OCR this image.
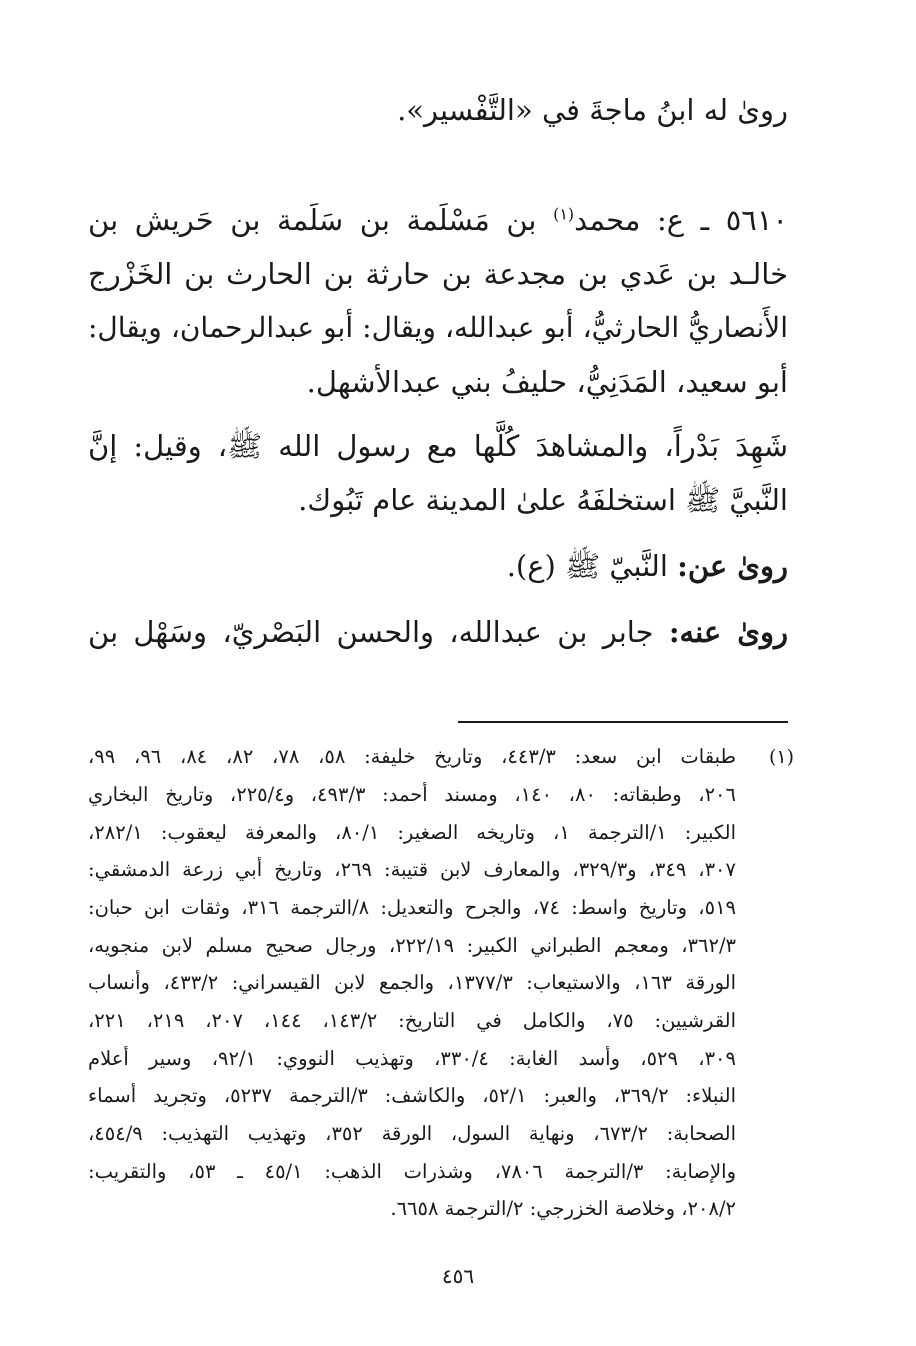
روىٰ له ابنُ ماجةَ في «التَّفْسير».
٥٦١٠ ـ ع: محمد$^{(١)}$ بن مَسْلَمة بن سَلَمة بن حَريش بن
خالـد بن عَدي بن مجدعة بن حارثة بن الحارث بن الخَزْرج
الأَنصاريُّ الحارثيُّ، أبو عبدالله، ويقال: أبو عبدالرحمان، ويقال:
أبو سعيد، المَدَنِيُّ، حليفُ بني عبدالأشهل.
شَهِدَ بَدْراً، والمشاهدَ كُلَّها مع رسول الله ﷺ، وقيل: إنَّ
النَّبيَّ ﷺ استخلفَهُ علىٰ المدينة عام تَبُوك.
روىٰ عن: النَّبيّ ﷺ (ع).
روىٰ عنه: جابر بن عبدالله، والحسن البَصْريّ، وسَهْل بن
(١)
طبقات ابن سعد: ٤٤٣/٣، وتاريخ خليفة: ٥٨، ٧٨، ٨٢، ٨٤، ٩٦، ٩٩،
٢٠٦، وطبقاته: ٨٠، ١٤٠، ومسند أحمد: ٤٩٣/٣، و٢٢٥/٤، وتاريخ البخاري
الكبير: ١/الترجمة ١، وتاريخه الصغير: ٨٠/١، والمعرفة ليعقوب: ٢٨٢/١،
٣٠٧، ٣٤٩، و٣٢٩/٣، والمعارف لابن قتيبة: ٢٦٩، وتاريخ أبي زرعة الدمشقي:
٥١٩، وتاريخ واسط: ٧٤، والجرح والتعديل: ٨/الترجمة ٣١٦، وثقات ابن حبان:
٣٦٢/٣، ومعجم الطبراني الكبير: ٢٢٢/١٩، ورجال صحيح مسلم لابن منجويه،
الورقة ١٦٣، والاستيعاب: ١٣٧٧/٣، والجمع لابن القيسراني: ٤٣٣/٢، وأنساب
القرشيين: ٧٥، والكامل في التاريخ: ١٤٣/٢، ١٤٤، ٢٠٧، ٢١٩، ٢٢١،
٣٠٩، ٥٢٩، وأسد الغابة: ٣٣٠/٤، وتهذيب النووي: ٩٢/١، وسير أعلام
النبلاء: ٣٦٩/٢، والعبر: ٥٢/١، والكاشف: ٣/الترجمة ٥٢٣٧، وتجريد أسماء
الصحابة: ٦٧٣/٢، ونهاية السول، الورقة ٣٥٢، وتهذيب التهذيب: ٤٥٤/٩،
والإصابة: ٣/الترجمة ٧٨٠٦، وشذرات الذهب: ٤٥/١ ـ ٥٣، والتقريب:
٢٠٨/٢، وخلاصة الخزرجي: ٢/الترجمة ٦٦٥٨.
٤٥٦
